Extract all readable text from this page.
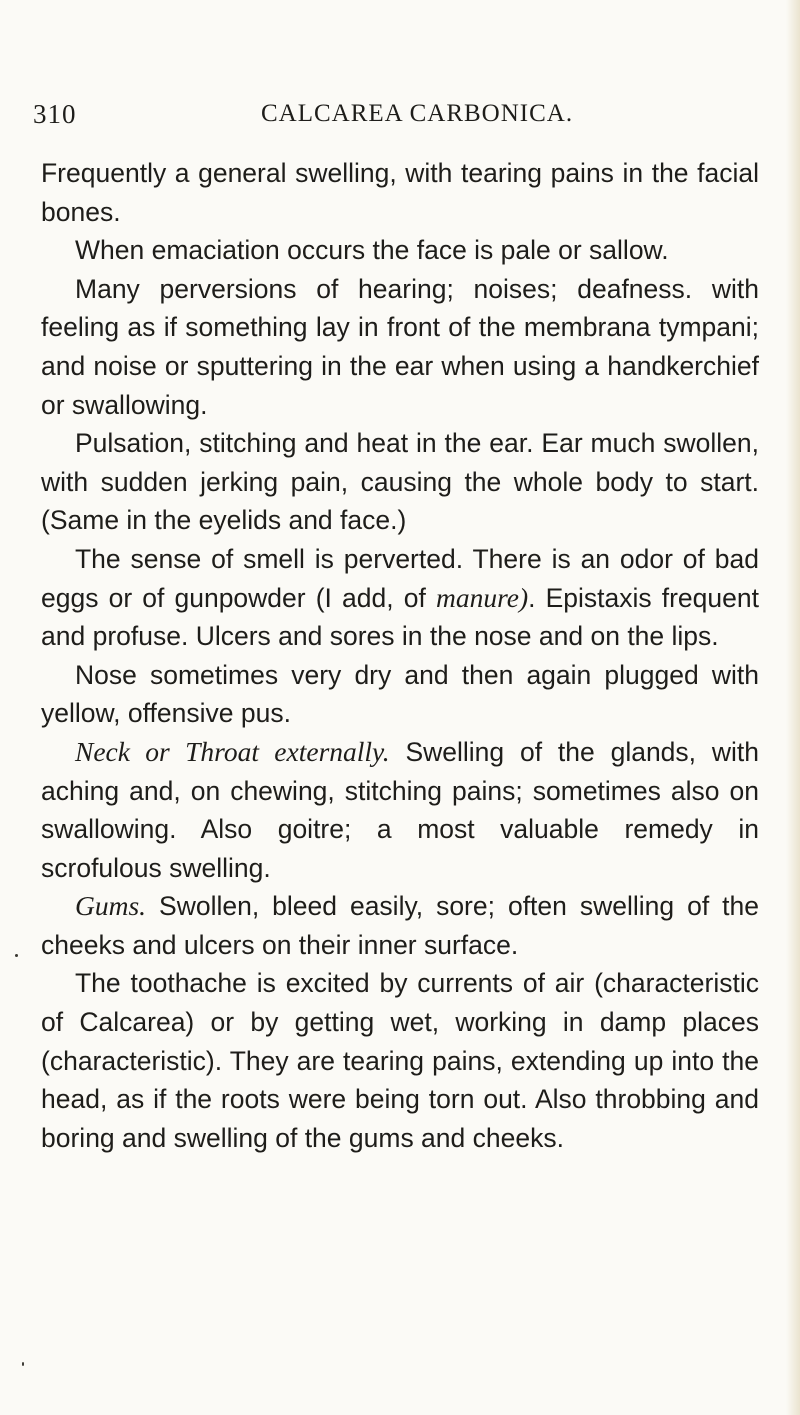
310	CALCAREA CARBONICA.

Frequently a general swelling, with tearing pains in the facial bones.

When emaciation occurs the face is pale or sallow.

Many perversions of hearing; noises; deafness. with feeling as if something lay in front of the membrana tympani; and noise or sputtering in the ear when using a handkerchief or swallowing.

Pulsation, stitching and heat in the ear. Ear much swollen, with sudden jerking pain, causing the whole body to start. (Same in the eyelids and face.)

The sense of smell is perverted. There is an odor of bad eggs or of gunpowder (I add, of manure). Epistaxis frequent and profuse. Ulcers and sores in the nose and on the lips.

Nose sometimes very dry and then again plugged with yellow, offensive pus.

Neck or Throat externally. Swelling of the glands, with aching and, on chewing, stitching pains; sometimes also on swallowing. Also goitre; a most valuable remedy in scrofulous swelling.

Gums. Swollen, bleed easily, sore; often swelling of the cheeks and ulcers on their inner surface.

The toothache is excited by currents of air (characteristic of Calcarea) or by getting wet, working in damp places (characteristic). They are tearing pains, extending up into the head, as if the roots were being torn out. Also throbbing and boring and swelling of the gums and cheeks.
